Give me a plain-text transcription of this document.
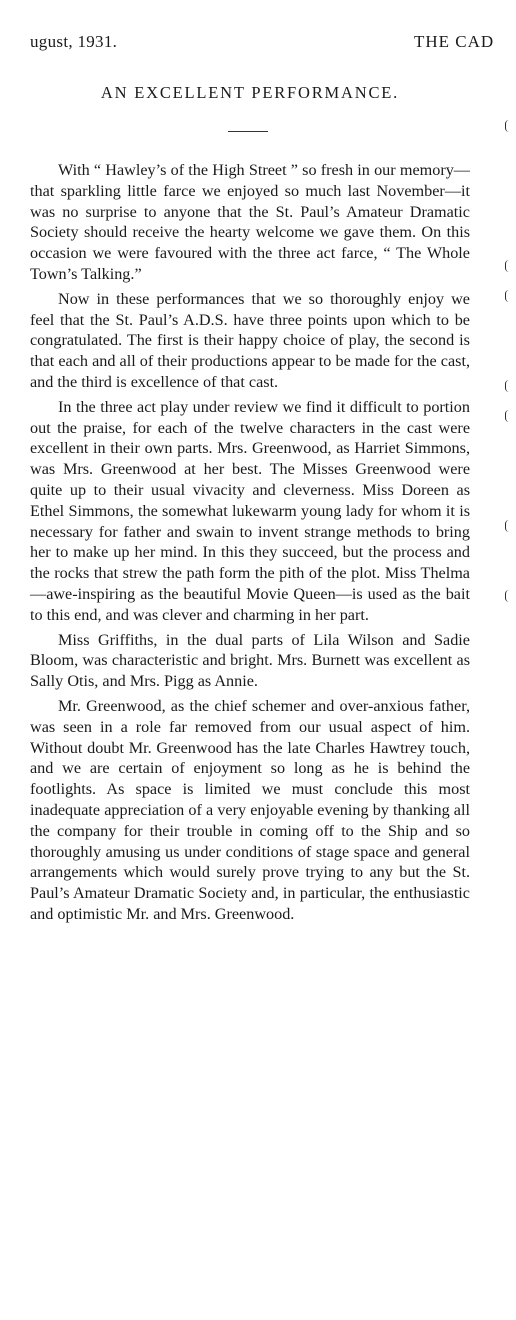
ugust, 1931.	THE CAD
AN EXCELLENT PERFORMANCE.

With “ Hawley’s of the High Street ” so fresh in our memory—that sparkling little farce we enjoyed so much last November—it was no surprise to anyone that the St. Paul’s Amateur Dramatic Society should receive the hearty welcome we gave them. On this occasion we were favoured with the three act farce, “ The Whole Town’s Talking.”

Now in these performances that we so thoroughly enjoy we feel that the St. Paul’s A.D.S. have three points upon which to be congratulated. The first is their happy choice of play, the second is that each and all of their productions appear to be made for the cast, and the third is excellence of that cast.

In the three act play under review we find it difficult to portion out the praise, for each of the twelve characters in the cast were excellent in their own parts. Mrs. Greenwood, as Harriet Simmons, was Mrs. Greenwood at her best. The Misses Greenwood were quite up to their usual vivacity and cleverness. Miss Doreen as Ethel Simmons, the somewhat lukewarm young lady for whom it is necessary for father and swain to invent strange methods to bring her to make up her mind. In this they succeed, but the process and the rocks that strew the path form the pith of the plot. Miss Thelma—awe-inspiring as the beautiful Movie Queen—is used as the bait to this end, and was clever and charming in her part.

Miss Griffiths, in the dual parts of Lila Wilson and Sadie Bloom, was characteristic and bright. Mrs. Burnett was excellent as Sally Otis, and Mrs. Pigg as Annie.

Mr. Greenwood, as the chief schemer and over-anxious father, was seen in a role far removed from our usual aspect of him. Without doubt Mr. Greenwood has the late Charles Hawtrey touch, and we are certain of enjoyment so long as he is behind the footlights. As space is limited we must conclude this most inadequate appreciation of a very enjoyable evening by thanking all the company for their trouble in coming off to the Ship and so thoroughly amusing us under conditions of stage space and general arrangements which would surely prove trying to any but the St. Paul’s Amateur Dramatic Society and, in particular, the enthusiastic and optimistic Mr. and Mrs. Greenwood.
